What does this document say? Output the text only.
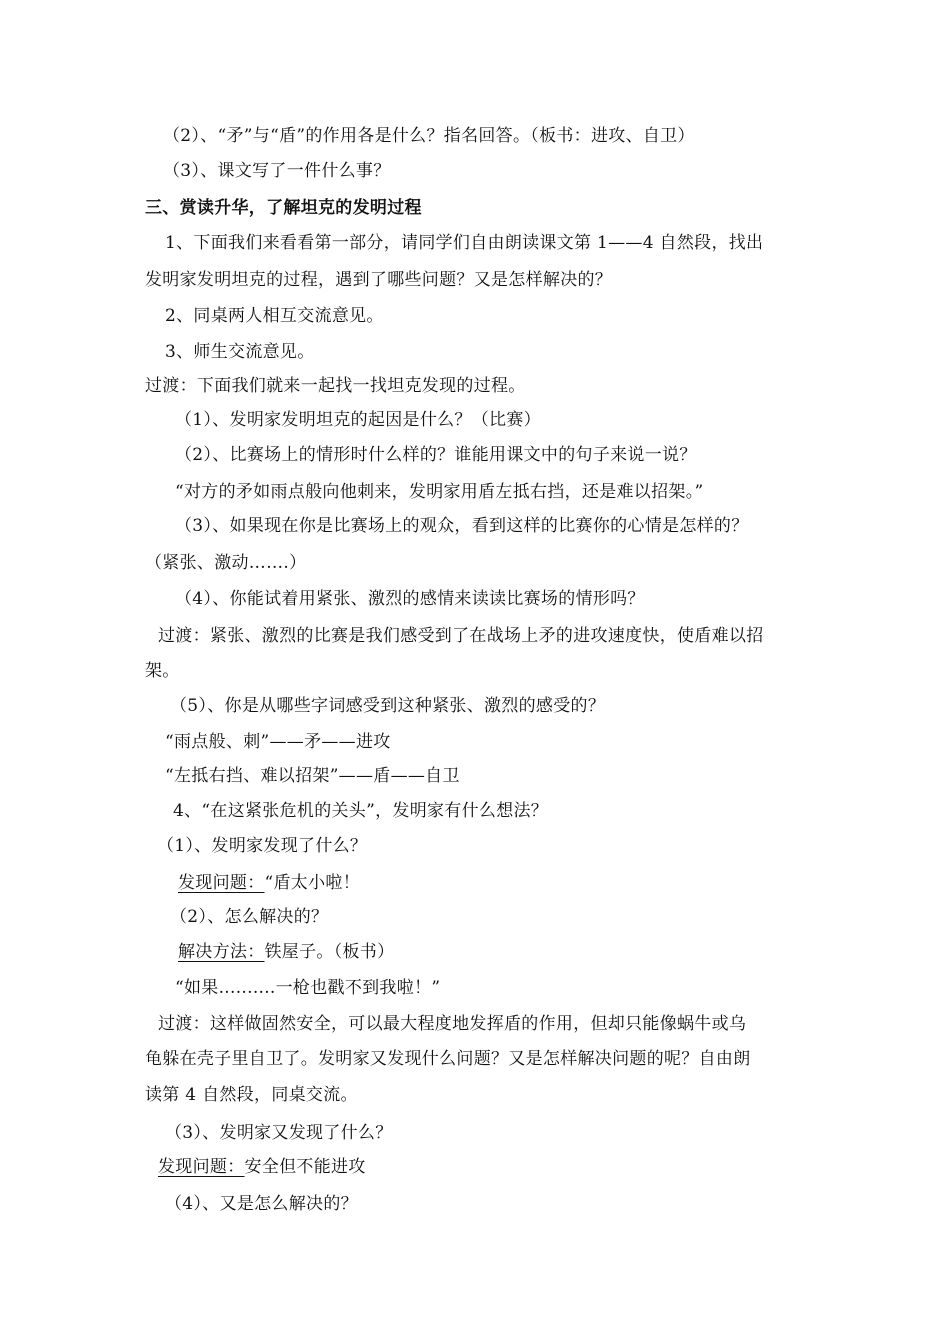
（2）、“矛”与“盾”的作用各是什么？指名回答。（板书：进攻、自卫）
（3）、课文写了一件什么事？
三、赏读升华，了解坦克的发明过程
1、下面我们来看看第一部分，请同学们自由朗读课文第 1——4 自然段，找出
发明家发明坦克的过程，遇到了哪些问题？又是怎样解决的？
2、同桌两人相互交流意见。
3、师生交流意见。
过渡：下面我们就来一起找一找坦克发现的过程。
（1）、发明家发明坦克的起因是什么？（比赛）
（2）、比赛场上的情形时什么样的？谁能用课文中的句子来说一说？
“对方的矛如雨点般向他刺来，发明家用盾左抵右挡，还是难以招架。”
（3）、如果现在你是比赛场上的观众，看到这样的比赛你的心情是怎样的？
（紧张、激动…….）
（4）、你能试着用紧张、激烈的感情来读读比赛场的情形吗？
过渡：紧张、激烈的比赛是我们感受到了在战场上矛的进攻速度快，使盾难以招
架。
（5）、你是从哪些字词感受到这种紧张、激烈的感受的？
“雨点般、刺”——矛——进攻
“左抵右挡、难以招架”——盾——自卫
4、“在这紧张危机的关头”，发明家有什么想法？
（1）、发明家发现了什么？
发现问题：“盾太小啦！
（2）、怎么解决的？
解决方法：铁屋子。（板书）
“如果..........一枪也戳不到我啦！”
过渡：这样做固然安全，可以最大程度地发挥盾的作用，但却只能像蜗牛或乌
龟躲在壳子里自卫了。发明家又发现什么问题？又是怎样解决问题的呢？自由朗
读第 4 自然段，同桌交流。
（3）、发明家又发现了什么？
发现问题：安全但不能进攻
（4）、又是怎么解决的？
